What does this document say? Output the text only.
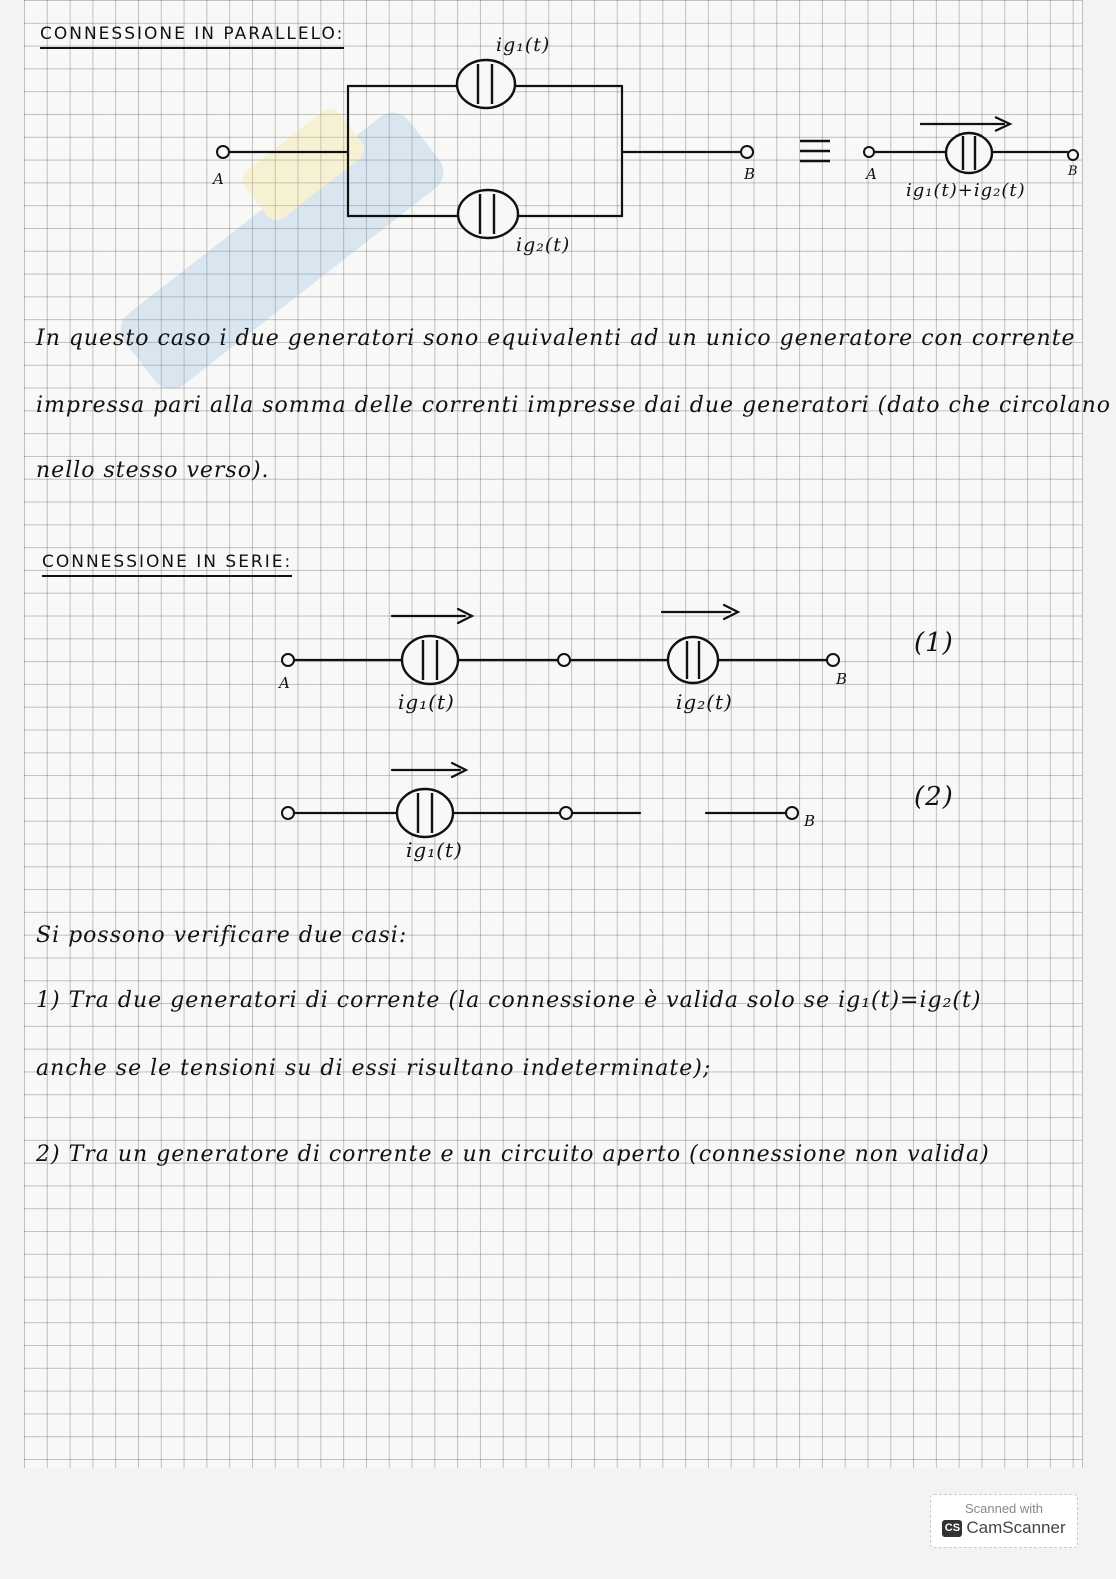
CONNESSIONE IN PARALLELO:	ig₁(t)
ig₂(t)
A	B	A	B
ig₁(t)+ig₂(t)
In questo caso i due generatori sono equivalenti ad un unico generatore con corrente
impressa pari alla somma delle correnti impresse dai due generatori (dato che circolano
nello stesso verso).
CONNESSIONE IN SERIE:
A	B
ig₁(t)	ig₂(t)
(1)
B
ig₁(t)
(2)
Si possono verificare due casi:
1) Tra due generatori di corrente (la connessione è valida solo se ig₁(t)=ig₂(t)
anche se le tensioni su di essi risultano indeterminate);
2) Tra un generatore di corrente e un circuito aperto (connessione non valida)
Scanned with
CS CamScanner
